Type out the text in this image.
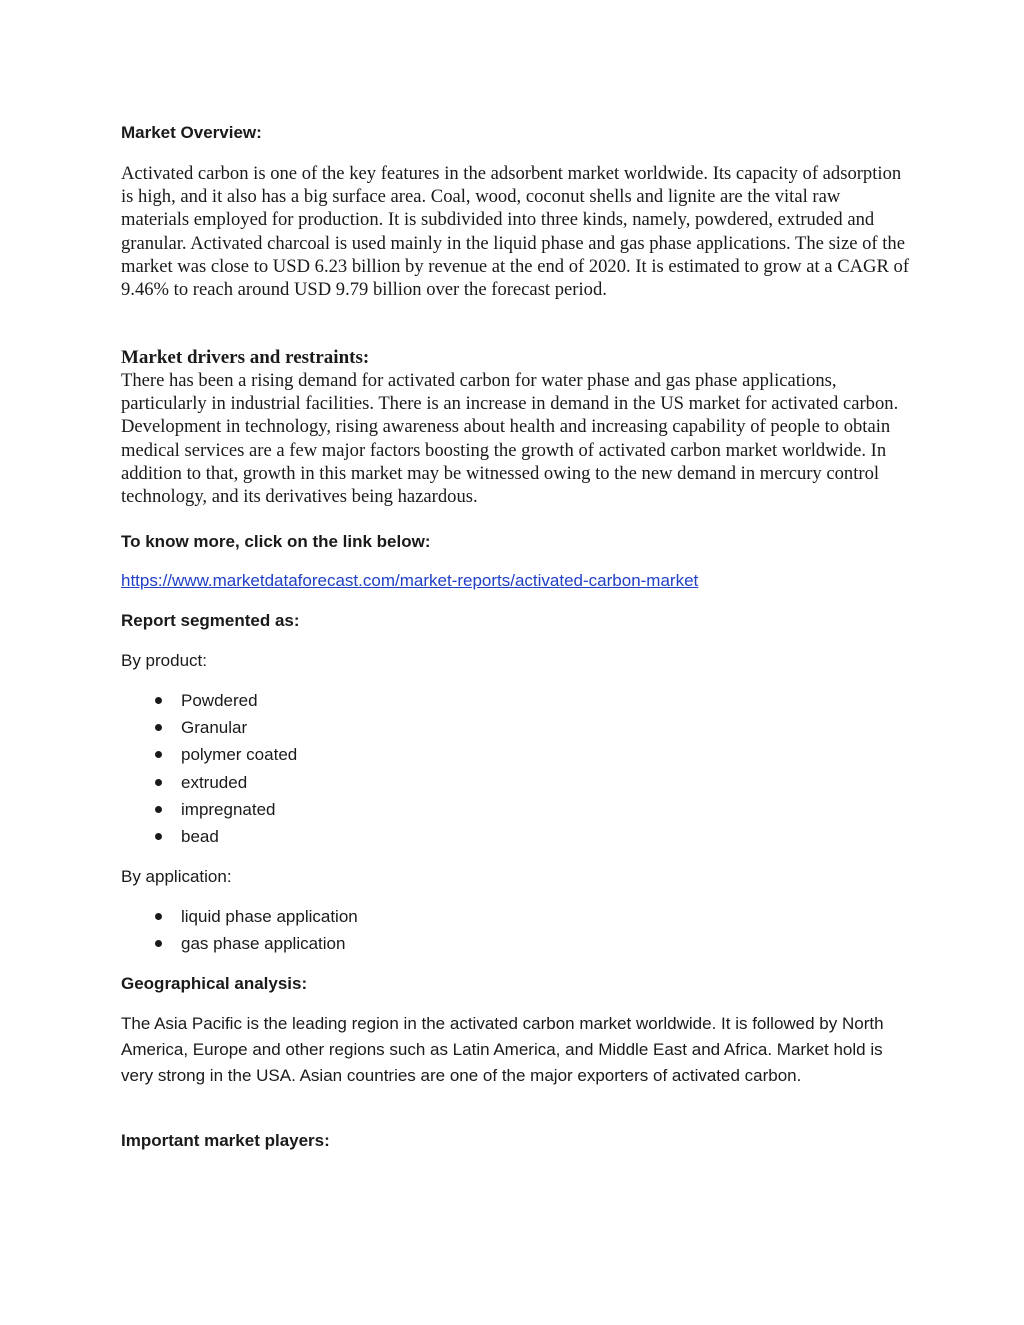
Market Overview:

Activated carbon is one of the key features in the adsorbent market worldwide. Its capacity of adsorption is high, and it also has a big surface area. Coal, wood, coconut shells and lignite are the vital raw materials employed for production. It is subdivided into three kinds, namely, powdered, extruded and granular. Activated charcoal is used mainly in the liquid phase and gas phase applications. The size of the market was close to USD 6.23 billion by revenue at the end of 2020. It is estimated to grow at a CAGR of 9.46% to reach around USD 9.79 billion over the forecast period.

Market drivers and restraints:

There has been a rising demand for activated carbon for water phase and gas phase applications, particularly in industrial facilities. There is an increase in demand in the US market for activated carbon. Development in technology, rising awareness about health and increasing capability of people to obtain medical services are a few major factors boosting the growth of activated carbon market worldwide. In addition to that, growth in this market may be witnessed owing to the new demand in mercury control technology, and its derivatives being hazardous.

To know more, click on the link below:
https://www.marketdataforecast.com/market-reports/activated-carbon-market
Report segmented as:

By product:

Powdered
Granular
polymer coated
extruded
impregnated
bead

By application:

liquid phase application
gas phase application
Geographical analysis:

The Asia Pacific is the leading region in the activated carbon market worldwide. It is followed by North America, Europe and other regions such as Latin America, and Middle East and Africa. Market hold is very strong in the USA. Asian countries are one of the major exporters of activated carbon.

Important market players:
